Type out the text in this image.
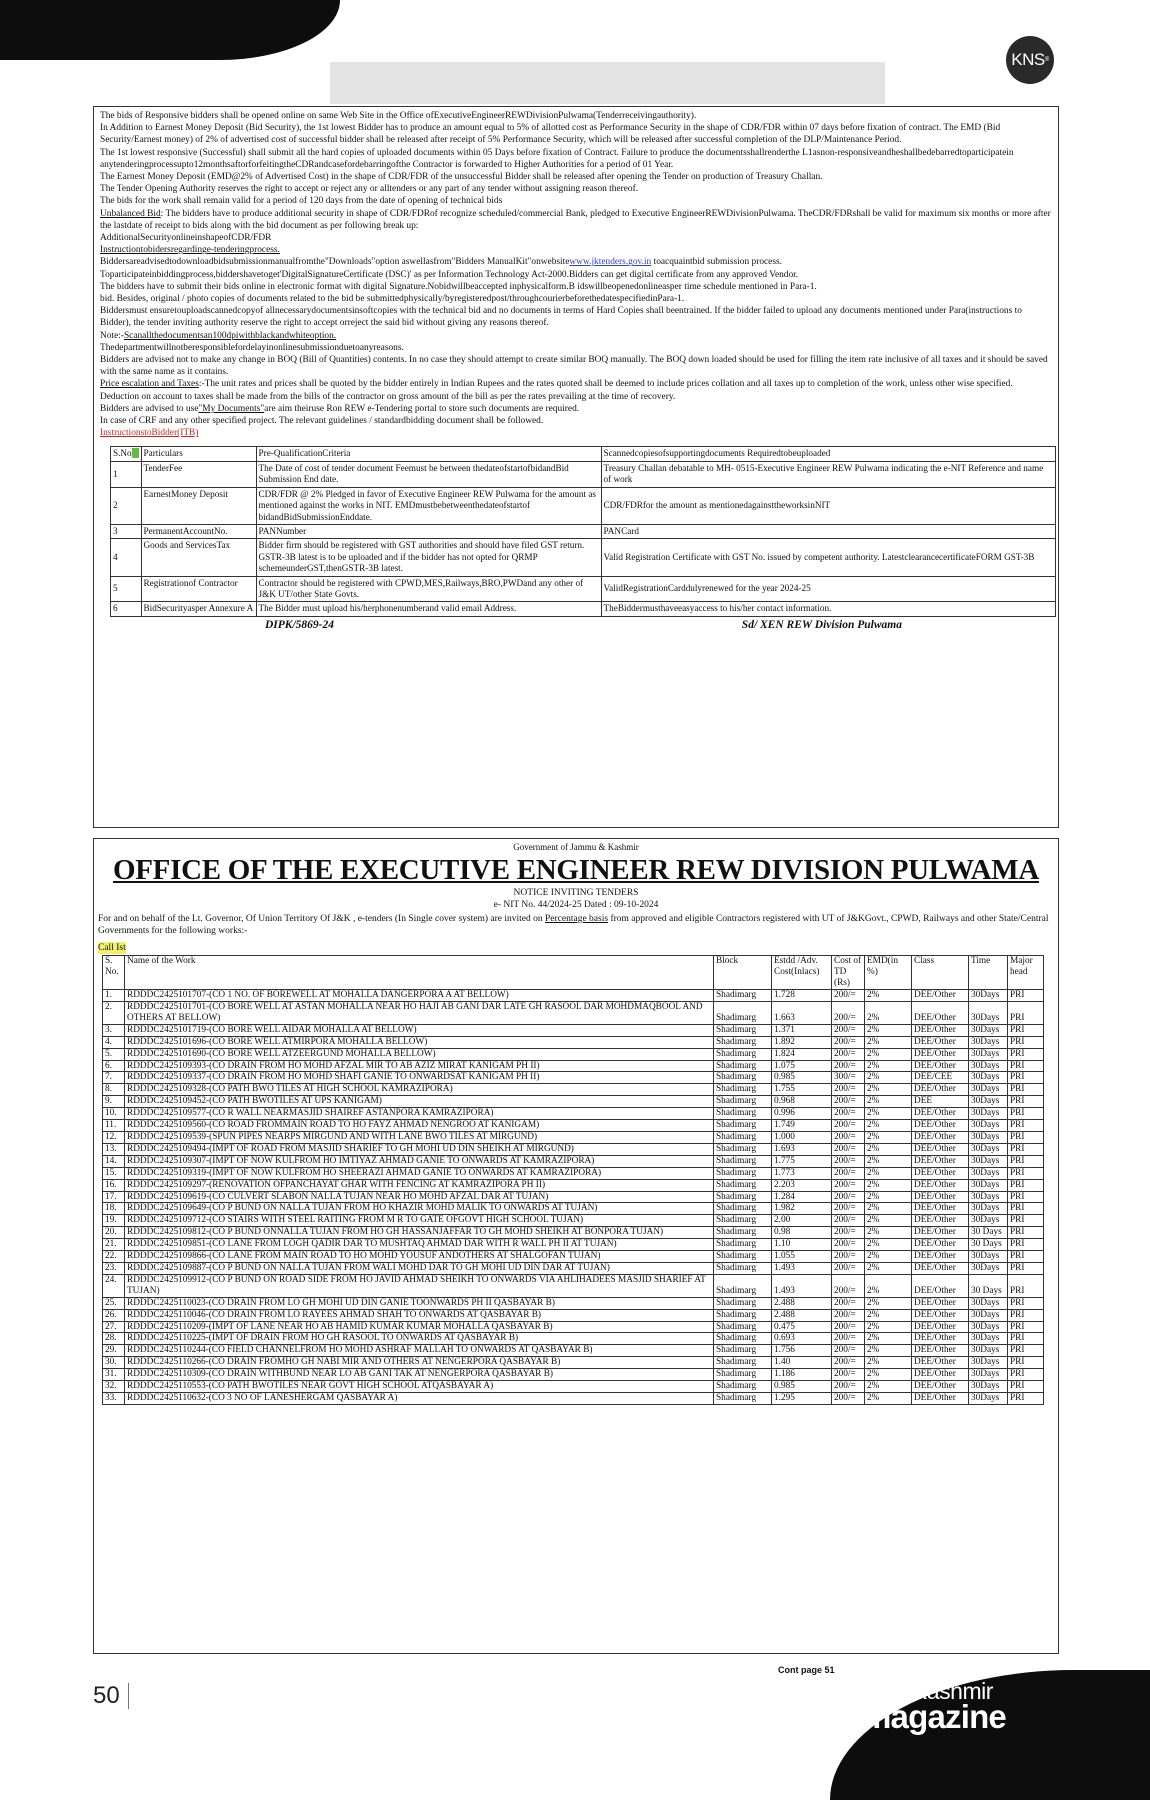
KNS ®

The bids of Responsive bidders shall be opened online on same Web Site in the Office ofExecutiveEngineerREWDivisionPulwama(Tenderreceivingauthority).

In Addition to Earnest Money Deposit (Bid Security), the 1st lowest Bidder has to produce an amount equal to 5% of allotted cost as Performance Security in the shape of CDR/FDR within 07 days before fixation of contract. The EMD (Bid Security/Earnest money) of 2% of advertised cost of successful bidder shall be released after receipt of 5% Performance Security, which will be released after successful completion of the DLP/Maintenance Period.

The 1st lowest responsive (Successful) shall submit all the hard copies of uploaded documents within 05 Days before fixation of Contract. Failure to produce the documentsshallrenderthe L1asnon-responsiveandheshallbedebarredtoparticipatein anytenderingprocessupto12monthsaftorforfeitingtheCDRandcasefordebarringofthe Contractor is forwarded to Higher Authorities for a period of 01 Year.

The Earnest Money Deposit (EMD@2% of Advertised Cost) in the shape of CDR/FDR of the unsuccessful Bidder shall be released after opening the Tender on production of Treasury Challan.

The Tender Opening Authority reserves the right to accept or reject any or alltenders or any part of any tender without assigning reason thereof.

The bids for the work shall remain valid for a period of 120 days from the date of opening of technical bids

Unbalanced Bid: The bidders have to produce additional security in shape of CDR/FDRof recognize scheduled/commercial Bank, pledged to Executive EngineerREWDivisionPulwama. TheCDR/FDRshall be valid for maximum six months or more after the lastdate of receipt to bids along with the bid document as per following break up:

AdditionalSecurityonlineinshapeofCDR/FDR

Instructiontobidersregardinge-tenderingprocess.

Biddersareadvisedtodownloadbidsubmissionmanualfromthe"Downloads"option aswellasfrom"Bidders ManualKit"onwebsitewww.jktenders.gov.in toacquaintbid submission process.

Toparticipateinbiddingprocess,biddershavetoget'DigitalSignatureCertificate (DSC)' as per Information Technology Act-2000.Bidders can get digital certificate from any approved Vendor.

The bidders have to submit their bids online in electronic format with digital Signature.Nobidwillbeaccepted inphysicalform.B idswillbeopenedonlineasper time schedule mentioned in Para-1.

bid. Besides, original / photo copies of documents related to the bid be submittedphysically/byregisteredpost/throughcourierbeforethedatespecifiedinPara-1.

Biddersmust ensuretouploadscannedcopyof allnecessarydocumentsinsoftcopies with the technical bid and no documents in terms of Hard Copies shall beentrained. If the bidder failed to upload any documents mentioned under Para(instructions to Bidder), the tender inviting authority reserve the right to accept orreject the said bid without giving any reasons thereof.

Note:-Scanallthedocumentsan100dpiwithblackandwhiteoption.

Thedepartmentwillnotberesponsiblefordelayinonlinesubmissionduetoanyreasons.

Bidders are advised not to make any change in BOQ (Bill of Quantities) contents. In no case they should attempt to create similar BOQ manually. The BOQ down loaded should be used for filling the item rate inclusive of all taxes and it should be saved with the same name as it contains.

Price escalation and Taxes:-The unit rates and prices shall be quoted by the bidder entirely in Indian Rupees and the rates quoted shall be deemed to include prices collation and all taxes up to completion of the work, unless other wise specified. Deduction on account to taxes shall be made from the bills of the contractor on gross amount of the bill as per the rates prevailing at the time of recovery.

Bidders are advised to use"My Documents"are aim theiruse Ron REW e-Tendering portal to store such documents are required.

In case of CRF and any other specified project. The relevant guidelines / standardbidding document shall be followed.

InstructionstoBidder(ITB)

S.No	Particulars	Pre-QualificationCriteria	Scannedcopiesofsupportingdocuments Requiredtobeuploaded
1	TenderFee	The Date of cost of tender document Feemust be between thedateofstartofbidandBid Submission End date.	Treasury Challan debatable to MH- 0515-Executive Engineer REW Pulwama indicating the e-NIT Reference and name of work
2	EarnestMoney Deposit	CDR/FDR @ 2% Pledged in favor of Executive Engineer REW Pulwama for the amount as mentioned against the works in NIT. EMDmustbebetweenthedateofstartof bidandBidSubmissionEnddate.	CDR/FDRfor the amount as mentionedagainsttheworksinNIT
3	PermanentAccountNo.	PANNumber	PANCard
4	Goods and ServicesTax	Bidder firm should be registered with GST authorities and should have filed GST return. GSTR-3B latest is to be uploaded and if the bidder has not opted for QRMP schemeunderGST,thenGSTR-3B latest.	Valid Registration Certificate with GST No. issued by competent authority. LatestclearancecertificateFORM GST-3B
5	Registrationof Contractor	Contractor should be registered with CPWD,MES,Railways,BRO,PWDand any other of J&K UT/other State Govts.	ValidRegistrationCarddulyrenewed for the year 2024-25
6	BidSecurityasper Annexure A	The Bidder must upload his/herphonenumberand valid email Address.	TheBiddermusthaveeasyaccess to his/her contact information.
DIPK/5869-24	Sd/ XEN REW Division Pulwama
Government of Jammu & Kashmir
OFFICE OF THE EXECUTIVE ENGINEER REW DIVISION PULWAMA
NOTICE INVITING TENDERS
e- NIT No. 44/2024-25 Dated : 09-10-2024

For and on behalf of the Lt. Governor, Of Union Territory Of J&K , e-tenders (In Single cover system) are invited on Percentage basis from approved and eligible Contractors registered with UT of J&KGovt., CPWD, Railways and other State/Central Governments for the following works:-

Call Ist
S. No.	Name of the Work	Block	Estdd /Adv. Cost(Inlacs)	Cost of TD (Rs)	EMD(in %)	Class	Time	Major head
1.	RDDDC2425101707-(CO 1 NO. OF BOREWELL AT MOHALLA DANGERPORA A AT BELLOW)	Shadimarg	1.728	200/=	2%	DEE/Other	30Days	PRI
2.	RDDDC2425101701-(CO BORE WELL AT ASTAN MOHALLA NEAR HO HAJI AB GANI DAR LATE GH RASOOL DAR MOHDMAQBOOL AND OTHERS AT BELLOW)	Shadimarg	1.663	200/=	2%	DEE/Other	30Days	PRI
3.	RDDDC2425101719-(CO BORE WELL AIDAR MOHALLA AT BELLOW)	Shadimarg	1.371	200/=	2%	DEE/Other	30Days	PRI
4.	RDDDC2425101696-(CO BORE WELL ATMIRPORA MOHALLA BELLOW)	Shadimarg	1.892	200/=	2%	DEE/Other	30Days	PRI
5.	RDDDC2425101690-(CO BORE WELL ATZEERGUND MOHALLA BELLOW)	Shadimarg	1.824	200/=	2%	DEE/Other	30Days	PRI
6.	RDDDC2425109393-(CO DRAIN FROM HO MOHD AFZAL MIR TO AB AZIZ MIRAT KANIGAM PH II)	Shadimarg	1.075	200/=	2%	DEE/Other	30Days	PRI
7.	RDDDC2425109337-(CO DRAIN FROM HO MOHD SHAFI GANIE TO ONWARDSAT KANIGAM PH II)	Shadimarg	0.985	300/=	2%	DEE/CEE	30Days	PRI
8.	RDDDC2425109328-(CO PATH BWO TILES AT HIGH SCHOOL KAMRAZIPORA)	Shadimarg	1.755	200/=	2%	DEE/Other	30Days	PRI
9.	RDDDC2425109452-(CO PATH BWOTILES AT UPS KANIGAM)	Shadimarg	0.968	200/=	2%	DEE	30Days	PRI
10.	RDDDC2425109577-(CO R WALL NEARMASJID SHAIREF ASTANPORA KAMRAZIPORA)	Shadimarg	0.996	200/=	2%	DEE/Other	30Days	PRI
11.	RDDDC2425109560-(CO ROAD FROMMAIN ROAD TO HO FAYZ AHMAD NENGROO AT KANIGAM)	Shadimarg	1.749	200/=	2%	DEE/Other	30Days	PRI
12.	RDDDC2425109539-(SPUN PIPES NEARPS MIRGUND AND WITH LANE BWO TILES AT MIRGUND)	Shadimarg	1.000	200/=	2%	DEE/Other	30Days	PRI
13.	RDDDC2425109494-(IMPT OF ROAD FROM MASJID SHARIEF TO GH MOHI UD DIN SHEIKH AT MIRGUND)	Shadimarg	1.693	200/=	2%	DEE/Other	30Days	PRI
14.	RDDDC2425109307-(IMPT OF NOW KULFROM HO IMTIYAZ AHMAD GANIE TO ONWARDS AT KAMRAZIPORA)	Shadimarg	1.775	200/=	2%	DEE/Other	30Days	PRI
15.	RDDDC2425109319-(IMPT OF NOW KULFROM HO SHEERAZI AHMAD GANIE TO ONWARDS AT KAMRAZIPORA)	Shadimarg	1.773	200/=	2%	DEE/Other	30Days	PRI
16.	RDDDC2425109297-(RENOVATION OFPANCHAYAT GHAR WITH FENCING AT KAMRAZIPORA PH II)	Shadimarg	2.203	200/=	2%	DEE/Other	30Days	PRI
17.	RDDDC2425109619-(CO CULVERT SLABON NALLA TUJAN NEAR HO MOHD AFZAL DAR AT TUJAN)	Shadimarg	1.284	200/=	2%	DEE/Other	30Days	PRI
18.	RDDDC2425109649-(CO P BUND ON NALLA TUJAN FROM HO KHAZIR MOHD MALIK TO ONWARDS AT TUJAN)	Shadimarg	1.982	200/=	2%	DEE/Other	30Days	PRI
19.	RDDDC2425109712-(CO STAIRS WITH STEEL RAITING FROM M R TO GATE OFGOVT HIGH SCHOOL TUJAN)	Shadimarg	2.00	200/=	2%	DEE/Other	30Days	PRI
20.	RDDDC2425109812-(CO P BUND ONNALLA TUJAN FROM HO GH HASSANJAFFAR TO GH MOHD SHEIKH AT BONPORA TUJAN)	Shadimarg	0.98	200/=	2%	DEE/Other	30 Days	PRI
21.	RDDDC2425109851-(CO LANE FROM LOGH QADIR DAR TO MUSHTAQ AHMAD DAR WITH R WALL PH II AT TUJAN)	Shadimarg	1.10	200/=	2%	DEE/Other	30 Days	PRI
22.	RDDDC2425109866-(CO LANE FROM MAIN ROAD TO HO MOHD YOUSUF ANDOTHERS AT SHALGOFAN TUJAN)	Shadimarg	1.055	200/=	2%	DEE/Other	30Days	PRI
23.	RDDDC2425109887-(CO P BUND ON NALLA TUJAN FROM WALI MOHD DAR TO GH MOHI UD DIN DAR AT TUJAN)	Shadimarg	1.493	200/=	2%	DEE/Other	30Days	PRI
24.	RDDDC2425109912-(CO P BUND ON ROAD SIDE FROM HO JAVID AHMAD SHEIKH TO ONWARDS VIA AHLIHADEES MASJID SHARIEF AT TUJAN)	Shadimarg	1.493	200/=	2%	DEE/Other	30 Days	PRI
25.	RDDDC2425110023-(CO DRAIN FROM LO GH MOHI UD DIN GANIE TOONWARDS PH II QASBAYAR B)	Shadimarg	2.488	200/=	2%	DEE/Other	30Days	PRI
26.	RDDDC2425110046-(CO DRAIN FROM LO RAYEES AHMAD SHAH TO ONWARDS AT QASBAYAR B)	Shadimarg	2.488	200/=	2%	DEE/Other	30Days	PRI
27.	RDDDC2425110209-(IMPT OF LANE NEAR HO AB HAMID KUMAR KUMAR MOHALLA QASBAYAR B)	Shadimarg	0.475	200/=	2%	DEE/Other	30Days	PRI
28.	RDDDC2425110225-(IMPT OF DRAIN FROM HO GH RASOOL TO ONWARDS AT QASBAYAR B)	Shadimarg	0.693	200/=	2%	DEE/Other	30Days	PRI
29.	RDDDC2425110244-(CO FIELD CHANNELFROM HO MOHD ASHRAF MALLAH TO ONWARDS AT QASBAYAR B)	Shadimarg	1.756	200/=	2%	DEE/Other	30Days	PRI
30.	RDDDC2425110266-(CO DRAIN FROMHO GH NABI MIR AND OTHERS AT NENGERPORA QASBAYAR B)	Shadimarg	1.40	200/=	2%	DEE/Other	30Days	PRI
31.	RDDDC2425110309-(CO DRAIN WITHBUND NEAR LO AB GANI TAK AT NENGERPORA QASBAYAR B)	Shadimarg	1.186	200/=	2%	DEE/Other	30Days	PRI
32.	RDDDC2425110553-(CO PATH BWOTILES NEAR GOVT HIGH SCHOOL ATQASBAYAR A)	Shadimarg	0.985	200/=	2%	DEE/Other	30Days	PRI
33.	RDDDC2425110632-(CO 3 NO OF LANESHERGAM QASBAYAR A)	Shadimarg	1.295	200/=	2%	DEE/Other	30Days	PRI
50
Cont page 51
The Kashmir
magazine
